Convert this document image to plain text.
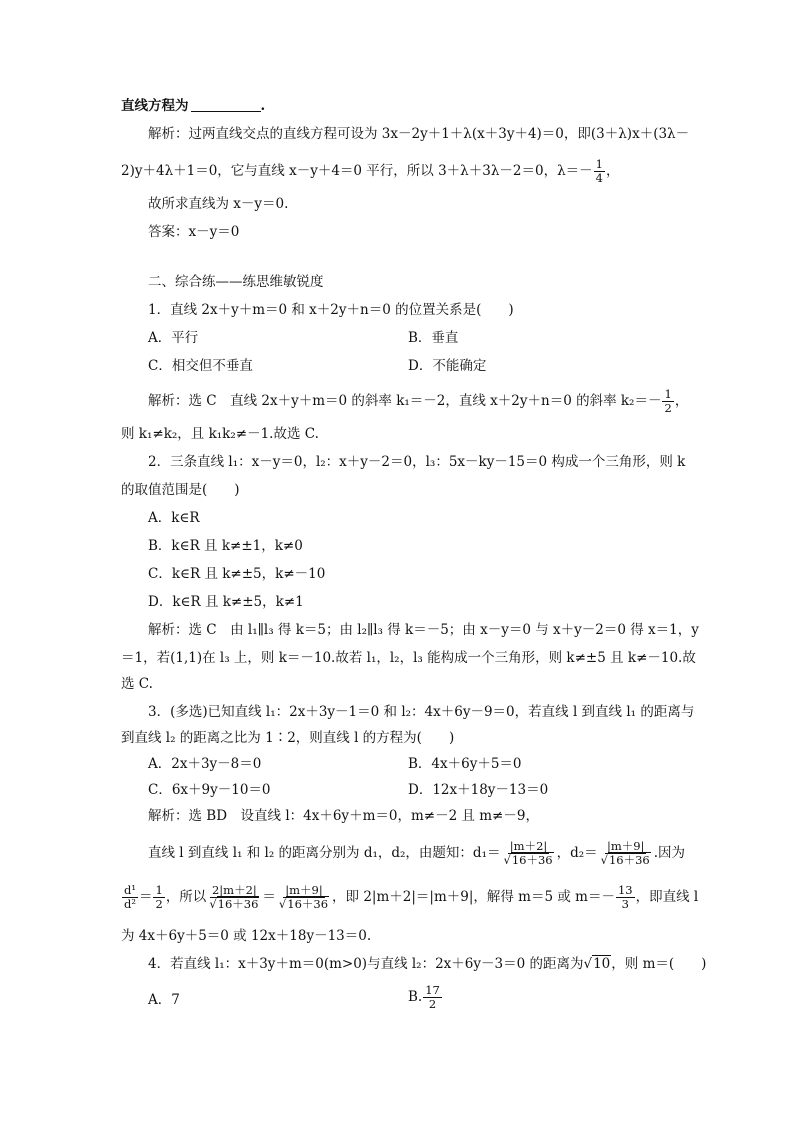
直线方程为	.
解析：过两直线交点的直线方程可设为 3x－2y＋1＋λ(x＋3y＋4)＝0，即(3＋λ)x＋(3λ－
2)y＋4λ＋1＝0，它与直线 x－y＋4＝0 平行，所以 3＋λ＋3λ－2＝0，$\lambda=- \frac{1}{4}$ ，
故所求直线为 x－y＝0.
答案：x－y＝0
二、综合练——练思维敏锐度
1．直线 2x＋y＋m＝0 和 x＋2y＋n＝0 的位置关系是(　　)
A．平行	B．垂直
C．相交但不垂直	D．不能确定
解析：选 C　直线 2x＋y＋m＝0 的斜率 k₁＝－2，直线 x＋2y＋n＝0 的斜率 $k_2=- \frac{1}{2}$ ，
则 k₁≠k₂，且 k₁k₂≠－1.故选 C.
2．三条直线 l₁：x－y＝0，l₂：x＋y－2＝0，l₃：5x－ky－15＝0 构成一个三角形，则 k
的取值范围是(　　)
A．k∈R
B．k∈R 且 k≠±1，k≠0
C．k∈R 且 k≠±5，k≠－10
D．k∈R 且 k≠±5，k≠1
解析：选 C　由 l₁∥l₃ 得 k＝5；由 l₂∥l₃ 得 k＝－5；由 x－y＝0 与 x＋y－2＝0 得 x＝1，y
＝1，若(1,1)在 l₃ 上，则 k＝－10.故若 l₁，l₂，l₃ 能构成一个三角形，则 k≠±5 且 k≠－10.故
选 C.
3．(多选)已知直线 l₁：2x＋3y－1＝0 和 l₂：4x＋6y－9＝0，若直线 l 到直线 l₁ 的距离与
到直线 l₂ 的距离之比为 1∶2，则直线 l 的方程为(　　)
A．2x＋3y－8＝0	B．4x＋6y＋5＝0
C．6x＋9y－10＝0	D．12x＋18y－13＝0
解析：选 BD　设直线 l：4x＋6y＋m＝0，m≠－2 且 m≠－9，
直线 l 到直线 l₁ 和 l₂ 的距离分别为 d₁，d₂，由题知：$d_1= \frac{|m+2|}{√16+36}$ ，$d_2= \frac{|m+9|}{√16+36}$ .因为
$\frac{\text{d¹}}{\text{d²}} = \frac{1}{2}$ ，所以 $\frac{2|m+2|}{√16+36} = \frac{|m+9|}{√16+36}$ ，即 2|m＋2|＝|m＋9|，解得 m＝5 或 $m=- \frac{13}{3}$ ，即直线 l
为 4x＋6y＋5＝0 或 12x＋18y－13＝0.
4．若直线 l₁：x＋3y＋m＝0(m>0)与直线 l₂：2x＋6y－3＝0 的距离为√10，则 m＝(　　)
A．7	B. $\frac{17}{2}$
